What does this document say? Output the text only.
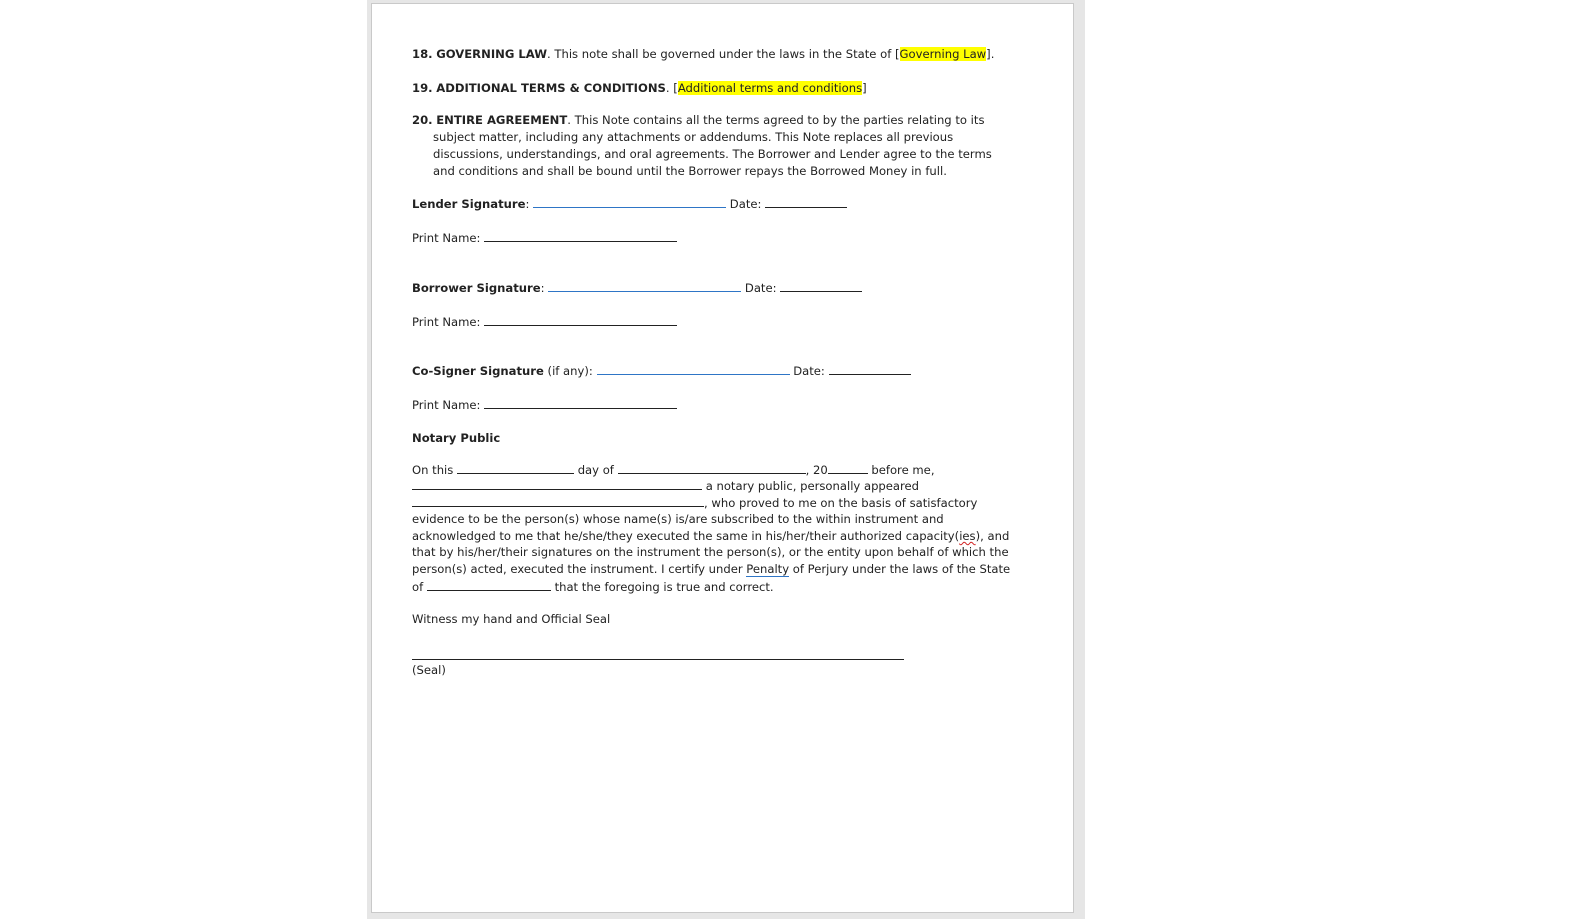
18. GOVERNING LAW. This note shall be governed under the laws in the State of [Governing Law].
19. ADDITIONAL TERMS & CONDITIONS. [Additional terms and conditions]
20. ENTIRE AGREEMENT. This Note contains all the terms agreed to by the parties relating to its
subject matter, including any attachments or addendums. This Note replaces all previous
discussions, understandings, and oral agreements. The Borrower and Lender agree to the terms
and conditions and shall be bound until the Borrower repays the Borrowed Money in full.
Lender Signature:	Date:
Print Name:
Borrower Signature:	Date:
Print Name:
Co-Signer Signature (if any):	Date:
Print Name:
Notary Public
On this	day of	, 20	before me,
a notary public, personally appeared
, who proved to me on the basis of satisfactory
evidence to be the person(s) whose name(s) is/are subscribed to the within instrument and
acknowledged to me that he/she/they executed the same in his/her/their authorized capacity(ies), and
that by his/her/their signatures on the instrument the person(s), or the entity upon behalf of which the
person(s) acted, executed the instrument. I certify under Penalty of Perjury under the laws of the State
of	that the foregoing is true and correct.
Witness my hand and Official Seal
(Seal)
